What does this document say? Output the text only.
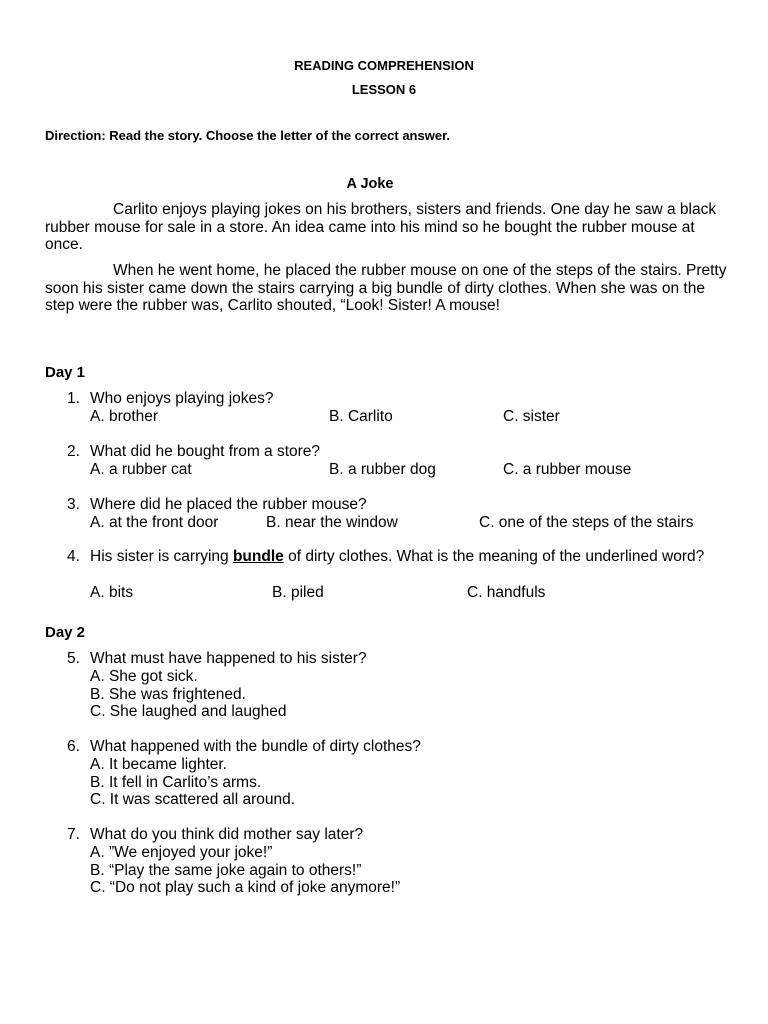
READING COMPREHENSION
LESSON 6
Direction: Read the story. Choose the letter of the correct answer.
A Joke

Carlito enjoys playing jokes on his brothers, sisters and friends. One day he saw a black rubber mouse for sale in a store. An idea came into his mind so he bought the rubber mouse at once.

When he went home, he placed the rubber mouse on one of the steps of the stairs. Pretty soon his sister came down the stairs carrying a big bundle of dirty clothes. When she was on the step were the rubber was, Carlito shouted, “Look! Sister! A mouse!

Day 1
1. Who enjoys playing jokes?
A. brother	B. Carlito	C. sister
2. What did he bought from a store?
A. a rubber cat	B. a rubber dog	C. a rubber mouse
3. Where did he placed the rubber mouse?
A. at the front door	B. near the window	C. one of the steps of the stairs
4. His sister is carrying bundle of dirty clothes. What is the meaning of the underlined word?
A. bits	B. piled	C. handfuls
Day 2
5. What must have happened to his sister?
A. She got sick.
B. She was frightened.
C. She laughed and laughed
6. What happened with the bundle of dirty clothes?
A. It became lighter.
B. It fell in Carlito’s arms.
C. It was scattered all around.
7. What do you think did mother say later?
A. ”We enjoyed your joke!”
B. “Play the same joke again to others!”
C. “Do not play such a kind of joke anymore!”
